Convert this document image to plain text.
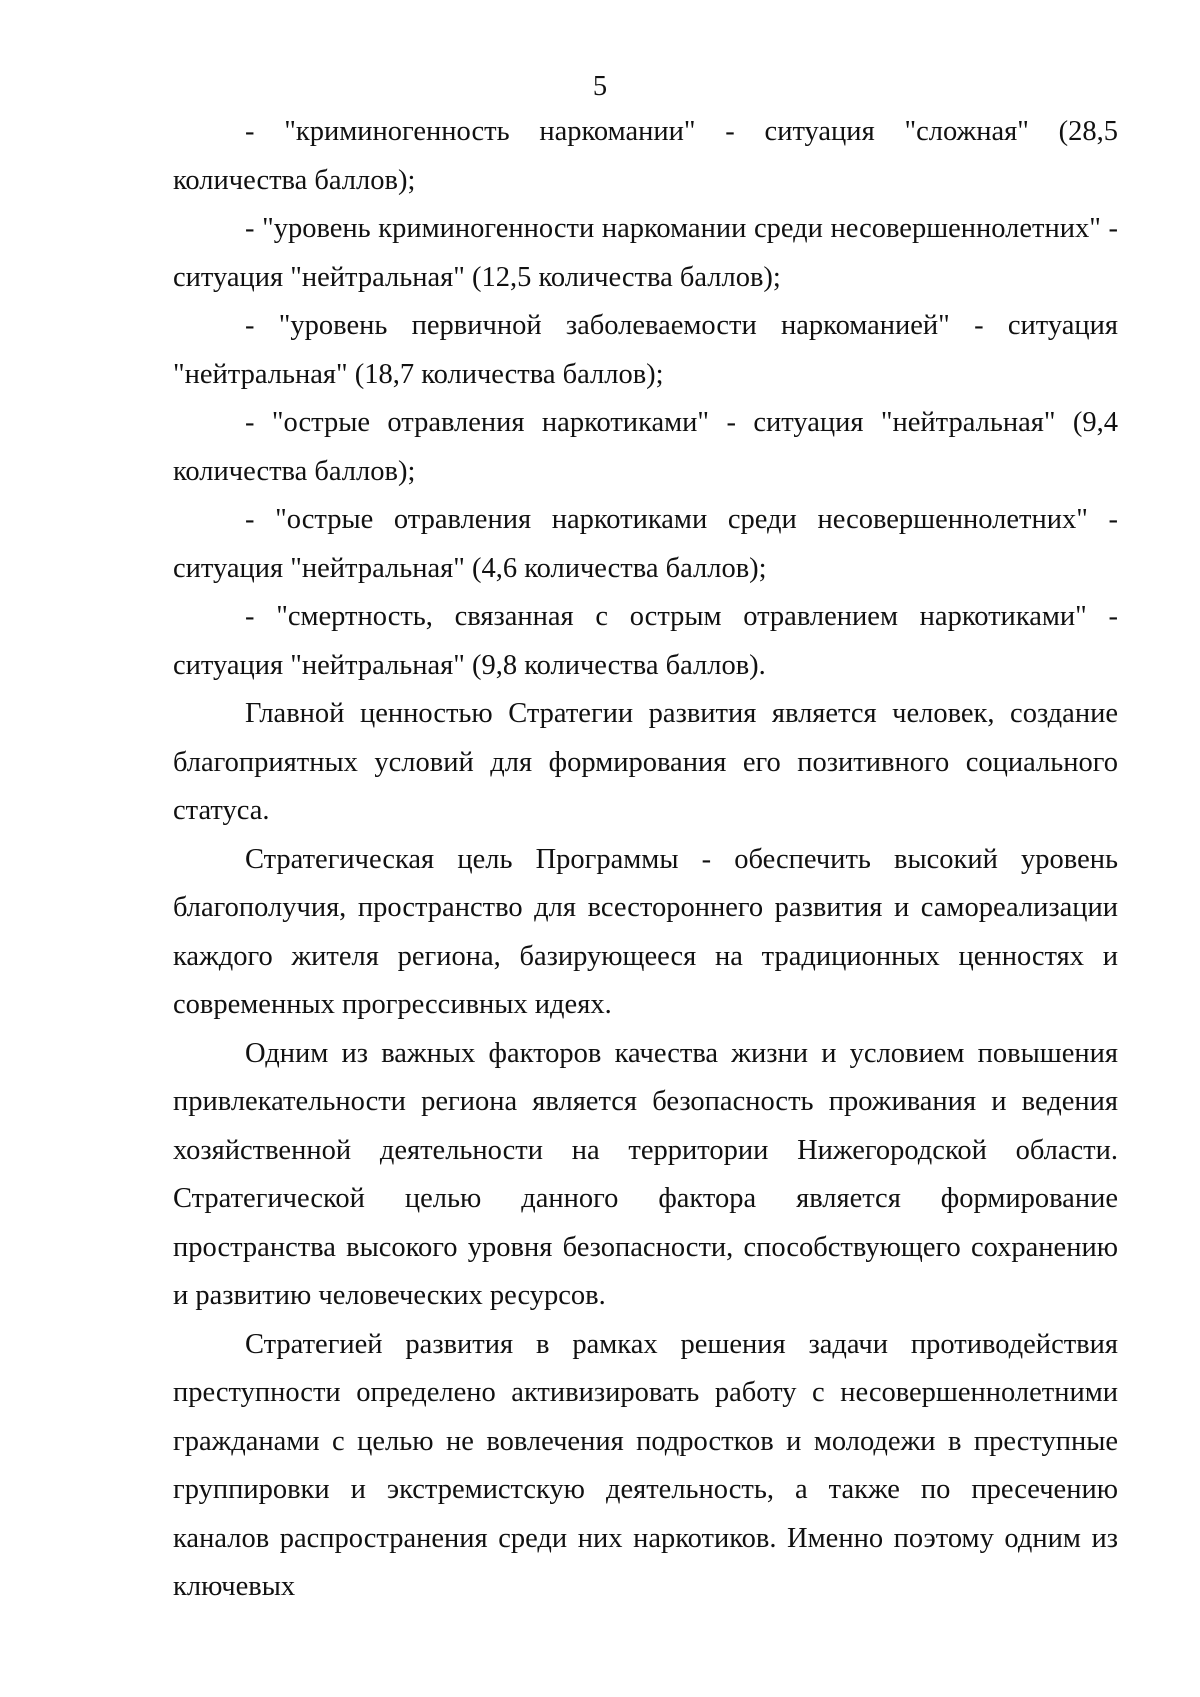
5

- "криминогенность наркомании" - ситуация "сложная" (28,5 количества баллов);

- "уровень криминогенности наркомании среди несовершеннолетних" - ситуация "нейтральная" (12,5 количества баллов);

- "уровень первичной заболеваемости наркоманией" - ситуация "нейтральная" (18,7 количества баллов);

- "острые отравления наркотиками" - ситуация "нейтральная" (9,4 количества баллов);

- "острые отравления наркотиками среди несовершеннолетних" - ситуация "нейтральная" (4,6 количества баллов);

- "смертность, связанная с острым отравлением наркотиками" - ситуация "нейтральная" (9,8 количества баллов).

Главной ценностью Стратегии развития является человек, создание благоприятных условий для формирования его позитивного социального статуса.

Стратегическая цель Программы - обеспечить высокий уровень благополучия, пространство для всестороннего развития и самореализации каждого жителя региона, базирующееся на традиционных ценностях и современных прогрессивных идеях.

Одним из важных факторов качества жизни и условием повышения привлекательности региона является безопасность проживания и ведения хозяйственной деятельности на территории Нижегородской области. Стратегической целью данного фактора является формирование пространства высокого уровня безопасности, способствующего сохранению и развитию человеческих ресурсов.

Стратегией развития в рамках решения задачи противодействия преступности определено активизировать работу с несовершеннолетними гражданами с целью не вовлечения подростков и молодежи в преступные группировки и экстремистскую деятельность, а также по пресечению каналов распространения среди них наркотиков. Именно поэтому одним из ключевых
